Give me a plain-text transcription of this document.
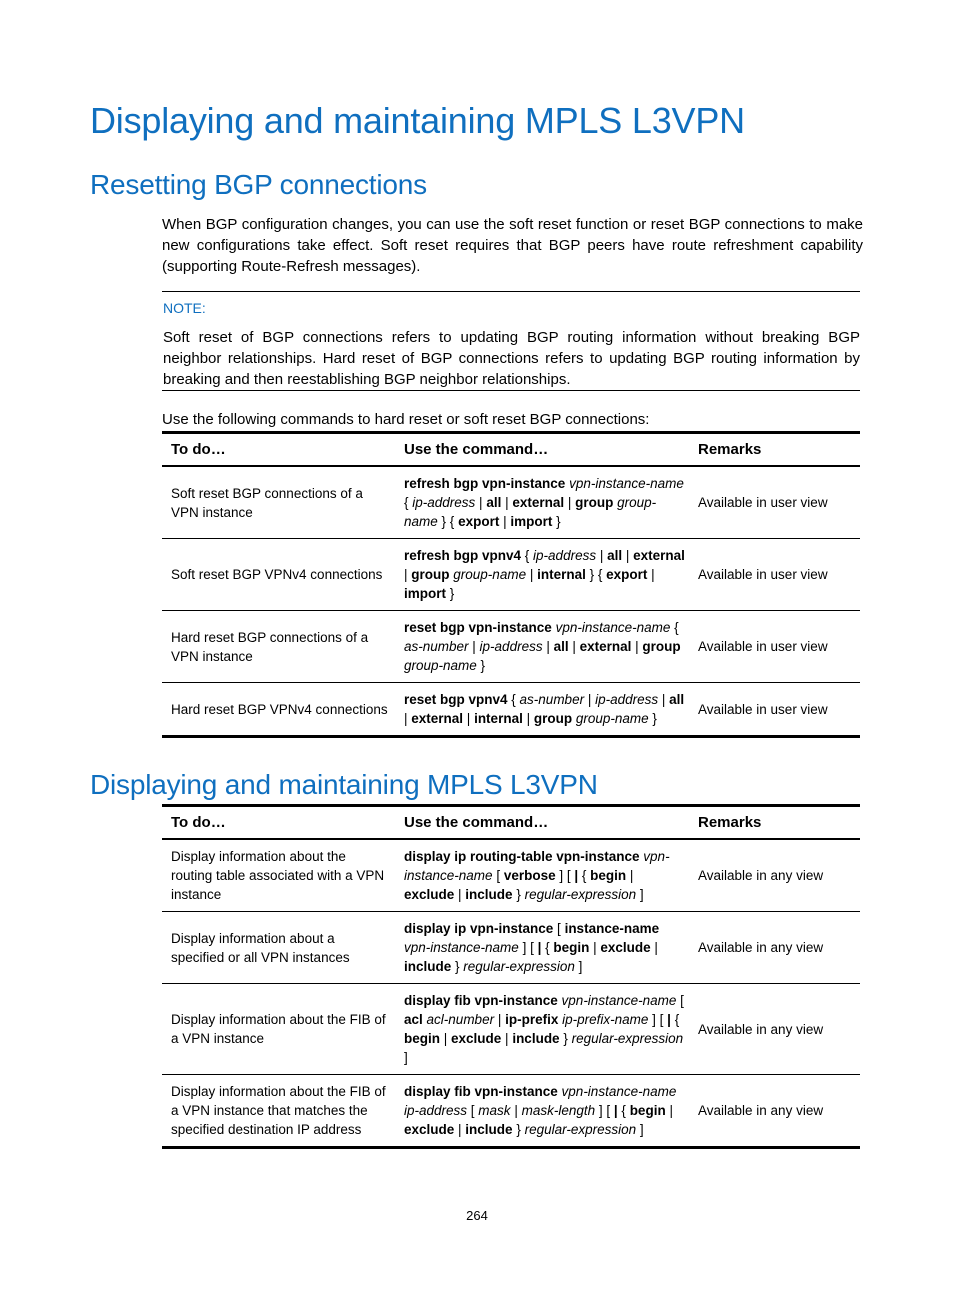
Displaying and maintaining MPLS L3VPN
Resetting BGP connections
When BGP configuration changes, you can use the soft reset function or reset BGP connections to make new configurations take effect. Soft reset requires that BGP peers have route refreshment capability (supporting Route-Refresh messages).
NOTE:
Soft reset of BGP connections refers to updating BGP routing information without breaking BGP neighbor relationships. Hard reset of BGP connections refers to updating BGP routing information by breaking and then reestablishing BGP neighbor relationships.
Use the following commands to hard reset or soft reset BGP connections:
To do…	Use the command…	Remarks
Soft reset BGP connections of a VPN instance	refresh bgp vpn-instance vpn-instance-name { ip-address | all | external | group group-name } { export | import }	Available in user view
Soft reset BGP VPNv4 connections	refresh bgp vpnv4 { ip-address | all | external | group group-name | internal } { export | import }	Available in user view
Hard reset BGP connections of a VPN instance	reset bgp vpn-instance vpn-instance-name { as-number | ip-address | all | external | group group-name }	Available in user view
Hard reset BGP VPNv4 connections	reset bgp vpnv4 { as-number | ip-address | all | external | internal | group group-name }	Available in user view
Displaying and maintaining MPLS L3VPN
To do…	Use the command…	Remarks
Display information about the routing table associated with a VPN instance	display ip routing-table vpn-instance vpn-instance-name [ verbose ] [ | { begin | exclude | include } regular-expression ]	Available in any view
Display information about a specified or all VPN instances	display ip vpn-instance [ instance-name vpn-instance-name ] [ | { begin | exclude | include } regular-expression ]	Available in any view
Display information about the FIB of a VPN instance	display fib vpn-instance vpn-instance-name [ acl acl-number | ip-prefix ip-prefix-name ] [ | { begin | exclude | include } regular-expression ]	Available in any view
Display information about the FIB of a VPN instance that matches the specified destination IP address	display fib vpn-instance vpn-instance-name ip-address [ mask | mask-length ] [ | { begin | exclude | include } regular-expression ]	Available in any view
264
